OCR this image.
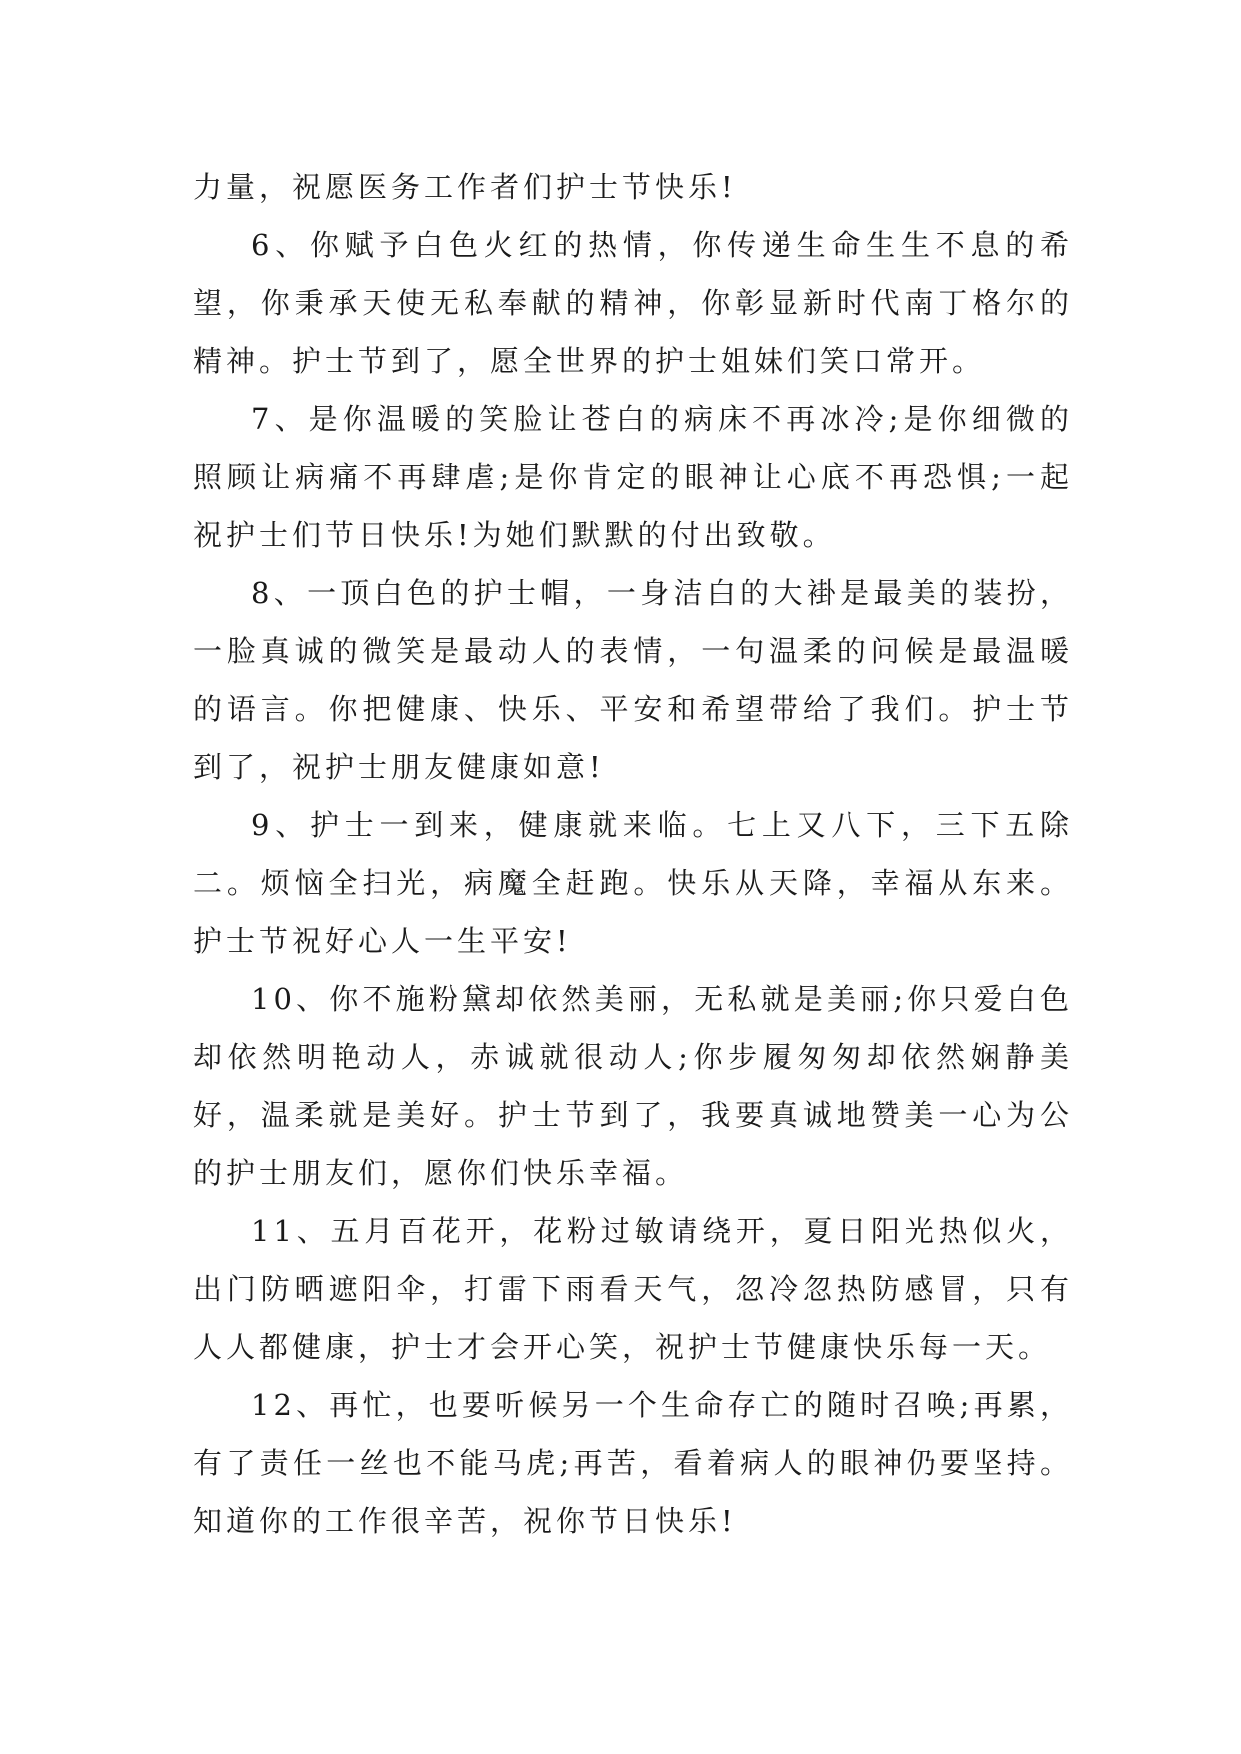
力量，祝愿医务工作者们护士节快乐!

6、你赋予白色火红的热情，你传递生命生生不息的希望，你秉承天使无私奉献的精神，你彰显新时代南丁格尔的精神。护士节到了，愿全世界的护士姐妹们笑口常开。

7、是你温暖的笑脸让苍白的病床不再冰冷;是你细微的照顾让病痛不再肆虐;是你肯定的眼神让心底不再恐惧;一起祝护士们节日快乐!为她们默默的付出致敬。

8、一顶白色的护士帽，一身洁白的大褂是最美的装扮，一脸真诚的微笑是最动人的表情，一句温柔的问候是最温暖的语言。你把健康、快乐、平安和希望带给了我们。护士节到了，祝护士朋友健康如意!

9、护士一到来，健康就来临。七上又八下，三下五除二。烦恼全扫光，病魔全赶跑。快乐从天降，幸福从东来。护士节祝好心人一生平安!

10、你不施粉黛却依然美丽，无私就是美丽;你只爱白色却依然明艳动人，赤诚就很动人;你步履匆匆却依然娴静美好，温柔就是美好。护士节到了，我要真诚地赞美一心为公的护士朋友们，愿你们快乐幸福。

11、五月百花开，花粉过敏请绕开，夏日阳光热似火，出门防晒遮阳伞，打雷下雨看天气，忽冷忽热防感冒，只有人人都健康，护士才会开心笑，祝护士节健康快乐每一天。

12、再忙，也要听候另一个生命存亡的随时召唤;再累，有了责任一丝也不能马虎;再苦，看着病人的眼神仍要坚持。知道你的工作很辛苦，祝你节日快乐!
